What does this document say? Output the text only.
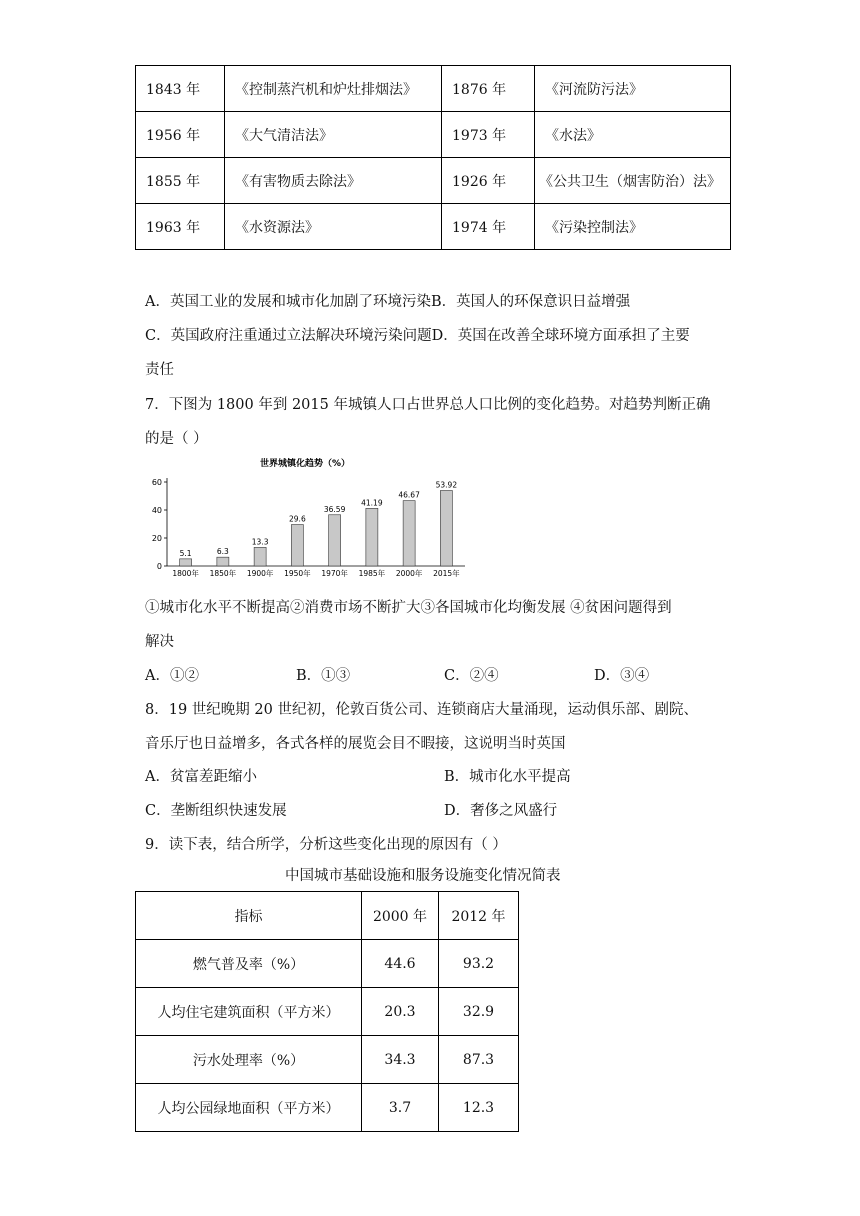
1843 年	《控制蒸汽机和炉灶排烟法》	1876 年	《河流防污法》
1956 年	《大气清洁法》	1973 年	《水法》
1855 年	《有害物质去除法》	1926 年	《公共卫生（烟害防治）法》
1963 年	《水资源法》	1974 年	《污染控制法》
A．英国工业的发展和城市化加剧了环境污染B．英国人的环保意识日益增强
C．英国政府注重通过立法解决环境污染问题D．英国在改善全球环境方面承担了主要
责任
7．下图为 1800 年到 2015 年城镇人口占世界总人口比例的变化趋势。对趋势判断正确
的是（ ）
世界城镇化趋势（%）
0
20
40
60
5.1
1800年
6.3
1850年
13.3
1900年
29.6
1950年
36.59
1970年
41.19
1985年
46.67
2000年
53.92
2015年
①城市化水平不断提高②消费市场不断扩大③各国城市化均衡发展 ④贫困问题得到
解决
A．①②	B．①③	C．②④	D．③④
8．19 世纪晚期 20 世纪初，伦敦百货公司、连锁商店大量涌现，运动俱乐部、剧院、
音乐厅也日益增多，各式各样的展览会目不暇接，这说明当时英国
A．贫富差距缩小	B．城市化水平提高
C．垄断组织快速发展	D．奢侈之风盛行
9．读下表，结合所学，分析这些变化出现的原因有（ ）
中国城市基础设施和服务设施变化情况简表
指标	2000 年	2012 年
燃气普及率（%）	44.6	93.2
人均住宅建筑面积（平方米）	20.3	32.9
污水处理率（%）	34.3	87.3
人均公园绿地面积（平方米）	3.7	12.3
